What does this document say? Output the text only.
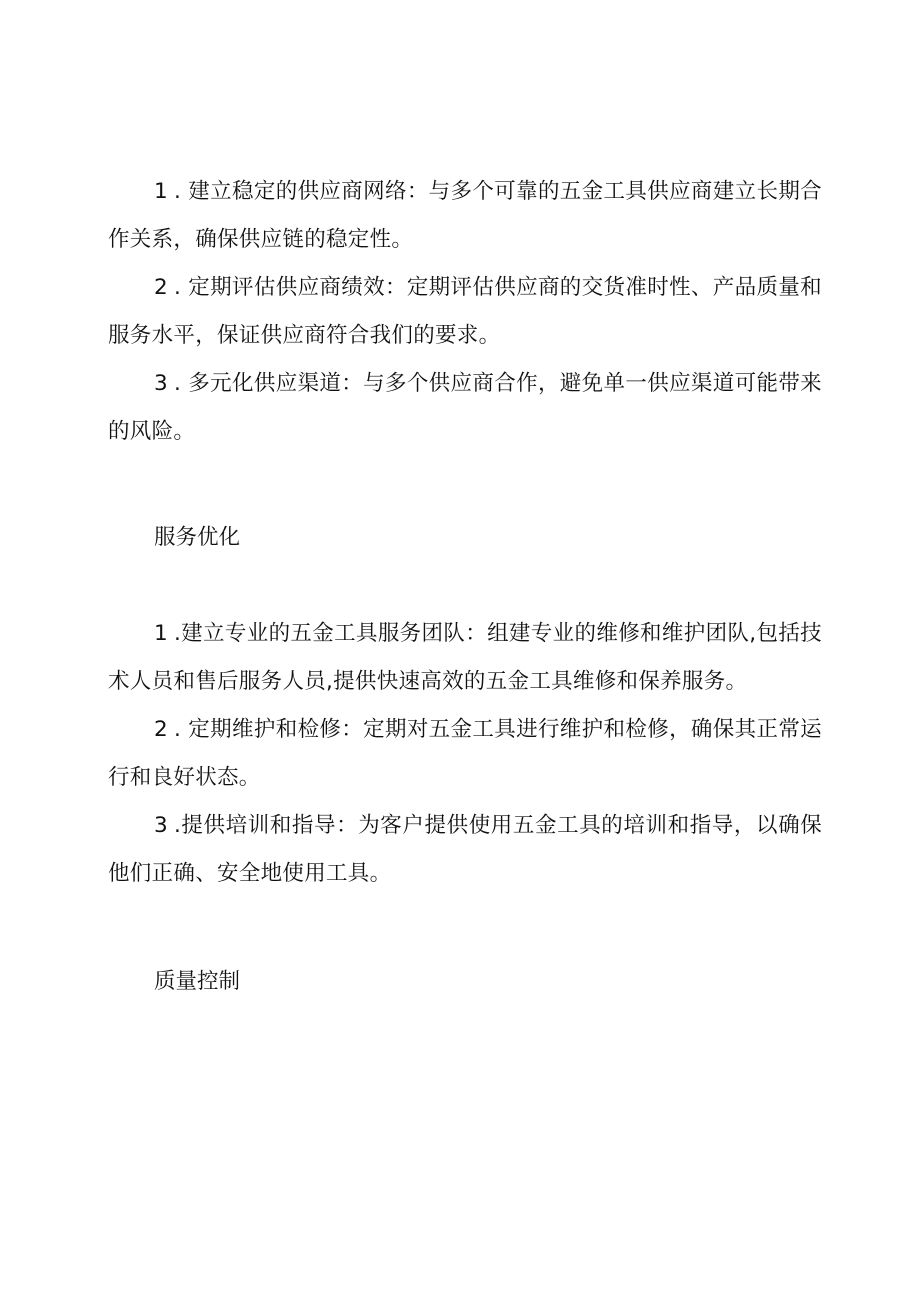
1 . 建立稳定的供应商网络：与多个可靠的五金工具供应商建立长期合作关系，确保供应链的稳定性。

2 . 定期评估供应商绩效：定期评估供应商的交货准时性、产品质量和服务水平，保证供应商符合我们的要求。

3 . 多元化供应渠道：与多个供应商合作，避免单一供应渠道可能带来的风险。

服务优化

1 .建立专业的五金工具服务团队：组建专业的维修和维护团队,包括技术人员和售后服务人员,提供快速高效的五金工具维修和保养服务。

2 . 定期维护和检修：定期对五金工具进行维护和检修，确保其正常运行和良好状态。

3 .提供培训和指导：为客户提供使用五金工具的培训和指导，以确保他们正确、安全地使用工具。

质量控制
